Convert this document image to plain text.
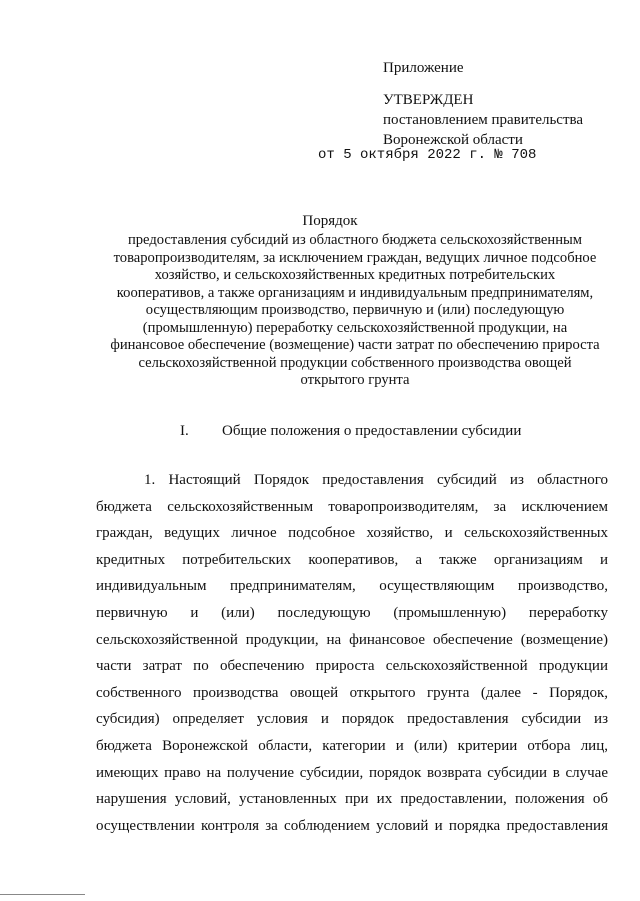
Приложение
УТВЕРЖДЕН
постановлением правительства
Воронежской области
от 5 октября 2022 г. № 708
Порядок
предоставления субсидий из областного бюджета сельскохозяйственным
товаропроизводителям, за исключением граждан, ведущих личное подсобное
хозяйство, и сельскохозяйственных кредитных потребительских
кооперативов, а также организациям и индивидуальным предпринимателям,
осуществляющим производство, первичную и (или) последующую
(промышленную) переработку сельскохозяйственной продукции, на
финансовое обеспечение (возмещение) части затрат по обеспечению прироста
сельскохозяйственной продукции собственного производства овощей
открытого грунта
I. Общие положения о предоставлении субсидии
1. Настоящий Порядок предоставления субсидий из областного
бюджета сельскохозяйственным товаропроизводителям, за исключением
граждан, ведущих личное подсобное хозяйство, и сельскохозяйственных
кредитных потребительских кооперативов, а также организациям и
индивидуальным предпринимателям, осуществляющим производство,
первичную и (или) последующую (промышленную) переработку
сельскохозяйственной продукции, на финансовое обеспечение (возмещение)
части затрат по обеспечению прироста сельскохозяйственной продукции
собственного производства овощей открытого грунта (далее - Порядок,
субсидия) определяет условия и порядок предоставления субсидии из
бюджета Воронежской области, категории и (или) критерии отбора лиц,
имеющих право на получение субсидии, порядок возврата субсидии в случае
нарушения условий, установленных при их предоставлении, положения об
осуществлении контроля за соблюдением условий и порядка предоставления
